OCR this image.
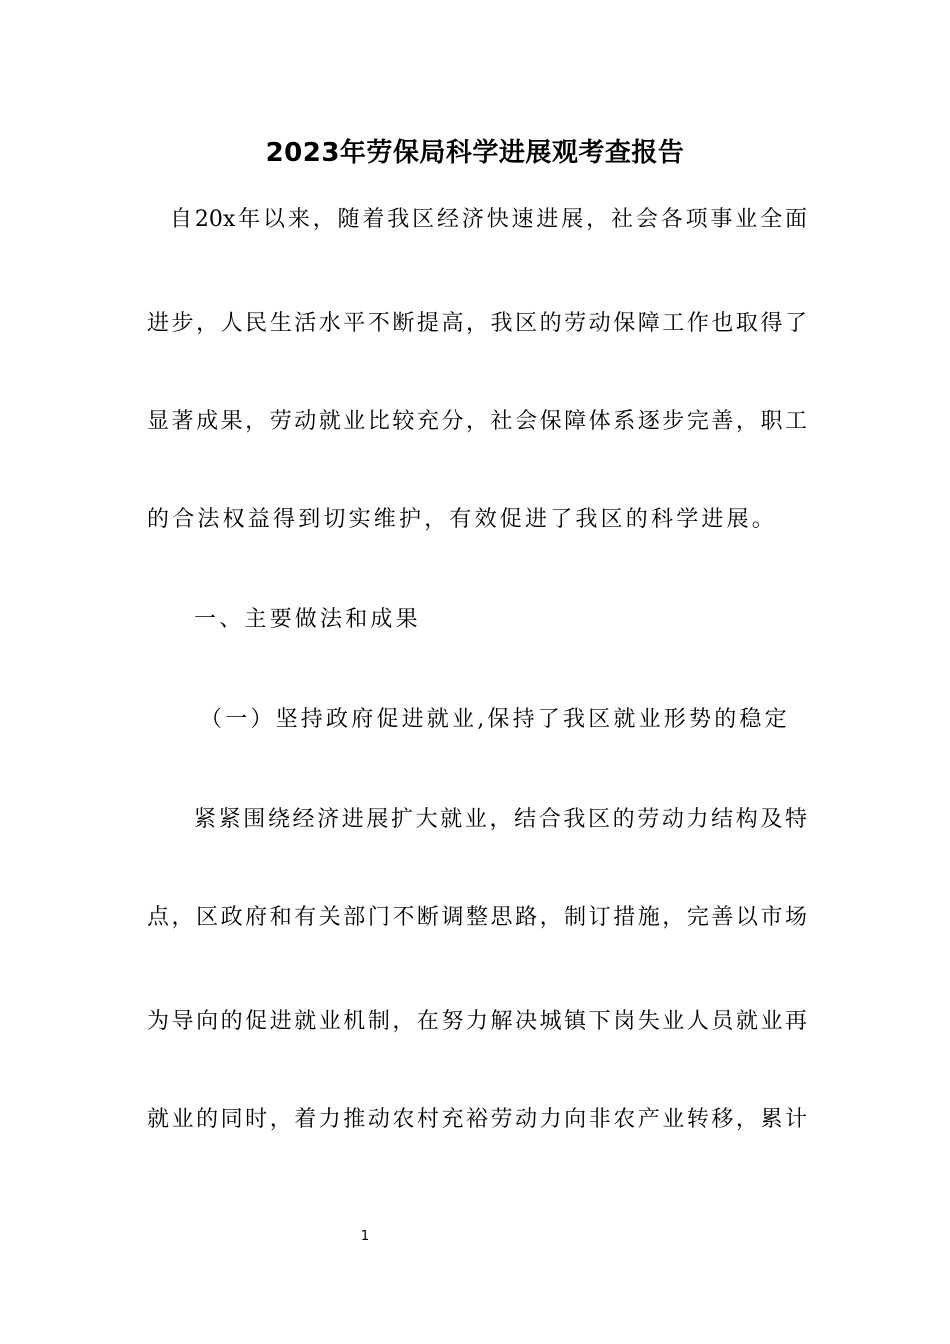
2023年劳保局科学进展观考查报告
自20x年以来，随着我区经济快速进展，社会各项事业全面
进步，人民生活水平不断提高，我区的劳动保障工作也取得了
显著成果，劳动就业比较充分，社会保障体系逐步完善，职工
的合法权益得到切实维护，有效促进了我区的科学进展。
一、主要做法和成果
（一）坚持政府促进就业,保持了我区就业形势的稳定
紧紧围绕经济进展扩大就业，结合我区的劳动力结构及特
点，区政府和有关部门不断调整思路，制订措施，完善以市场
为导向的促进就业机制，在努力解决城镇下岗失业人员就业再
就业的同时，着力推动农村充裕劳动力向非农产业转移，累计
1
